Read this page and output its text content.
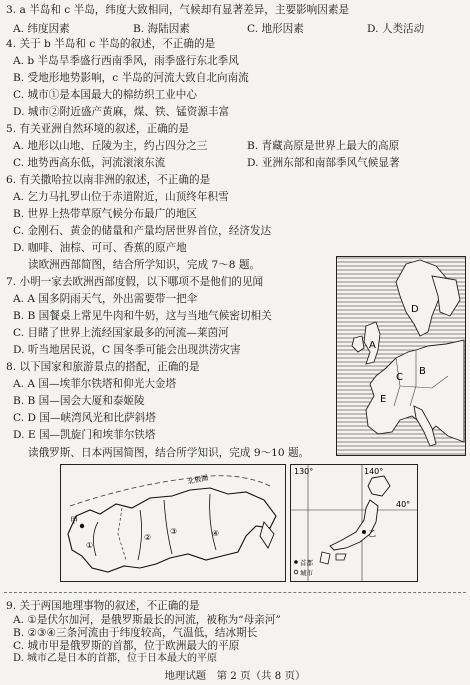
3. a 半岛和 c 半岛，纬度大致相同，气候却有显著差异，主要影响因素是
A. 纬度因素	B. 海陆因素	C. 地形因素	D. 人类活动
4. 关于 b 半岛和 c 半岛的叙述，不正确的是
A. b 半岛旱季盛行西南季风，雨季盛行东北季风
B. 受地形地势影响，c 半岛的河流大致自北向南流
C. 城市①是本国最大的棉纺织工业中心
D. 城市②附近盛产黄麻，煤、铁、锰资源丰富
5. 有关亚洲自然环境的叙述，正确的是
A. 地形以山地、丘陵为主，约占四分之三	B. 青藏高原是世界上最大的高原
C. 地势西高东低，河流滚滚东流	D. 亚洲东部和南部季风气候显著
6. 有关撒哈拉以南非洲的叙述，不正确的是
A. 乞力马扎罗山位于赤道附近，山顶终年积雪
B. 世界上热带草原气候分布最广的地区
C. 金刚石、黄金的储量和产量均居世界首位，经济发达
D. 咖啡、油棕、可可、香蕉的原产地
读欧洲西部简图，结合所学知识，完成 7～8 题。
7. 小明一家去欧洲西部度假，以下哪项不是他们的见闻
A. A 国多阴雨天气，外出需要带一把伞
B. B 国餐桌上常见牛肉和牛奶，这与当地气候密切相关
C. 目睹了世界上流经国家最多的河流—莱茵河
D. 听当地居民说，C 国冬季可能会出现洪涝灾害
8. 以下国家和旅游景点的搭配，正确的是
A. A 国—埃菲尔铁塔和仰光大金塔
B. B 国—国会大厦和泰姬陵
C. D 国—峡湾风光和比萨斜塔
D. E 国—凯旋门和埃菲尔铁塔
读俄罗斯、日本两国简图，结合所学知识，完成 9～10 题。
D
A
B
E
C
北极圈
甲
①
②
③	④
130°	140°
40°
乙
首都
城市
9. 关于两国地理事物的叙述，不正确的是
A. ①是伏尔加河，是俄罗斯最长的河流，被称为“母亲河”
B. ②③④三条河流由于纬度较高，气温低，结冰期长
C. 城市甲是俄罗斯的首都，位于欧洲最大的平原
地理试题　第 2 页（共 8 页）
D. 城市乙是日本的首都，位于日本最大的平原
